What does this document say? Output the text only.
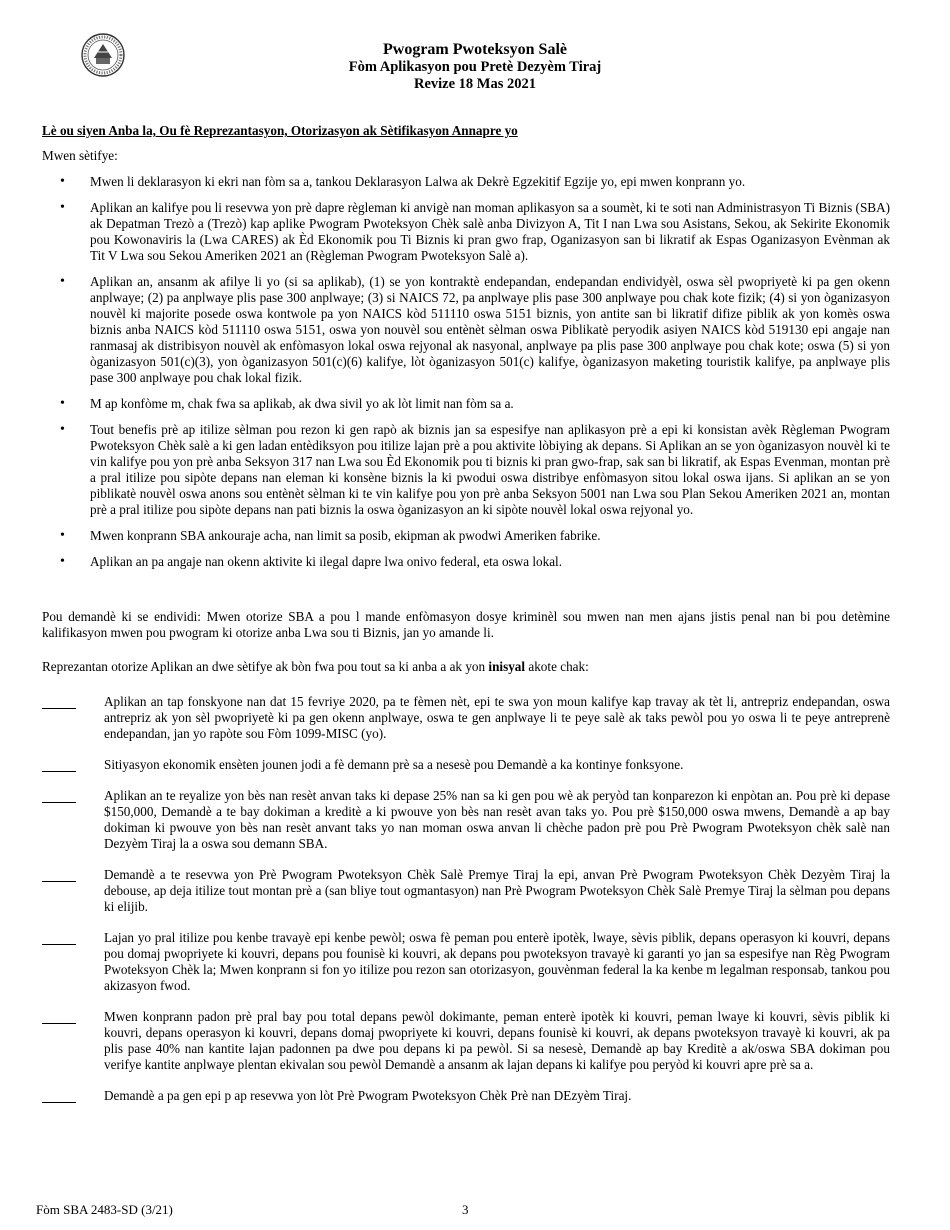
Pwogram Pwoteksyon Salè
Fòm Aplikasyon pou Pretè Dezyèm Tiraj
Revize 18 Mas 2021
Lè ou siyen Anba la, Ou fè Reprezantasyon, Otorizasyon ak Sètifikasyon Annapre yo
Mwen sètifye:
• Mwen li deklarasyon ki ekri nan fòm sa a, tankou Deklarasyon Lalwa ak Dekrè Egzekitif Egzije yo, epi mwen konprann yo.
• Aplikan an kalifye pou li resevwa yon prè dapre règleman ki anvigè nan moman aplikasyon sa a soumèt, ki te soti nan Administrasyon Ti Biznis (SBA) ak Depatman Trezò a (Trezò) kap aplike Pwogram Pwoteksyon Chèk salè anba Divizyon A, Tit I nan Lwa sou Asistans, Sekou, ak Sekirite Ekonomik pou Kowonaviris la (Lwa CARES) ak Èd Ekonomik pou Ti Biznis ki pran gwo frap, Oganizasyon san bi likratif ak Espas Oganizasyon Evènman ak Tit V Lwa sou Sekou Ameriken 2021 an (Règleman Pwogram Pwoteksyon Salè a).
• Aplikan an, ansanm ak afilye li yo (si sa aplikab), (1) se yon kontraktè endepandan, endepandan endividyèl, oswa sèl pwopriyetè ki pa gen okenn anplwaye; (2) pa anplwaye plis pase 300 anplwaye; (3) si NAICS 72, pa anplwaye plis pase 300 anplwaye pou chak kote fizik; (4) si yon òganizasyon nouvèl ki majorite posede oswa kontwole pa yon NAICS kòd 511110 oswa 5151 biznis, yon antite san bi likratif difize piblik ak yon komès oswa biznis anba NAICS kòd 511110 oswa 5151, oswa yon nouvèl sou entènèt sèlman oswa Piblikatè peryodik asiyen NAICS kòd 519130 epi angaje nan ranmasaj ak distribisyon nouvèl ak enfòmasyon lokal oswa rejyonal ak nasyonal, anplwaye pa plis pase 300 anplwaye pou chak kote; oswa (5) si yon òganizasyon 501(c)(3), yon òganizasyon 501(c)(6) kalifye, lòt òganizasyon 501(c) kalifye, òganizasyon maketing touristik kalifye, pa anplwaye plis pase 300 anplwaye pou chak lokal fizik.
• M ap konfòme m, chak fwa sa aplikab, ak dwa sivil yo ak lòt limit nan fòm sa a.
• Tout benefis prè ap itilize sèlman pou rezon ki gen rapò ak biznis jan sa espesifye nan aplikasyon prè a epi ki konsistan avèk Règleman Pwogram Pwoteksyon Chèk salè a ki gen ladan entèdiksyon pou itilize lajan prè a pou aktivite lòbiying ak depans. Si Aplikan an se yon òganizasyon nouvèl ki te vin kalifye pou yon prè anba Seksyon 317 nan Lwa sou Èd Ekonomik pou ti biznis ki pran gwo-frap, sak san bi likratif, ak Espas Evenman, montan prè a pral itilize pou sipòte depans nan eleman ki konsène biznis la ki pwodui oswa distribye enfòmasyon sitou lokal oswa ijans. Si aplikan an se yon piblikatè nouvèl oswa anons sou entènèt sèlman ki te vin kalifye pou yon prè anba Seksyon 5001 nan Lwa sou Plan Sekou Ameriken 2021 an, montan prè a pral itilize pou sipòte depans nan pati biznis la oswa òganizasyon an ki sipòte nouvèl lokal oswa rejyonal yo.
• Mwen konprann SBA ankouraje acha, nan limit sa posib, ekipman ak pwodwi Ameriken fabrike.
• Aplikan an pa angaje nan okenn aktivite ki ilegal dapre lwa onivo federal, eta oswa lokal.
Pou demandè ki se endividi: Mwen otorize SBA a pou l mande enfòmasyon dosye kriminèl sou mwen nan men ajans jistis penal nan bi pou detèmine kalifikasyon mwen pou pwogram ki otorize anba Lwa sou ti Biznis, jan yo amande li.
Reprezantan otorize Aplikan an dwe sètifye ak bòn fwa pou tout sa ki anba a ak yon inisyal akote chak:
Aplikan an tap fonskyone nan dat 15 fevriye 2020, pa te fèmen nèt, epi te swa yon moun kalifye kap travay ak tèt li, antrepriz endepandan, oswa antrepriz ak yon sèl pwopriyetè ki pa gen okenn anplwaye, oswa te gen anplwaye li te peye salè ak taks pewòl pou yo oswa li te peye antreprenè endepandan, jan yo rapòte sou Fòm 1099-MISC (yo).
Sitiyasyon ekonomik ensèten jounen jodi a fè demann prè sa a nesesè pou Demandè a ka kontinye fonksyone.
Aplikan an te reyalize yon bès nan resèt anvan taks ki depase 25% nan sa ki gen pou wè ak peryòd tan konparezon ki enpòtan an. Pou prè ki depase $150,000, Demandè a te bay dokiman a kreditè a ki pwouve yon bès nan resèt avan taks yo. Pou prè $150,000 oswa mwens, Demandè a ap bay dokiman ki pwouve yon bès nan resèt anvant taks yo nan moman oswa anvan li chèche padon prè pou Prè Pwogram Pwoteksyon chèk salè nan Dezyèm Tiraj la a oswa sou demann SBA.
Demandè a te resevwa yon Prè Pwogram Pwoteksyon Chèk Salè Premye Tiraj la epi, anvan Prè Pwogram Pwoteksyon Chèk Dezyèm Tiraj la debouse, ap deja itilize tout montan prè a (san bliye tout ogmantasyon) nan Prè Pwogram Pwoteksyon Chèk Salè Premye Tiraj la sèlman pou depans ki elijib.
Lajan yo pral itilize pou kenbe travayè epi kenbe pewòl; oswa fè peman pou enterè ipotèk, lwaye, sèvis piblik, depans operasyon ki kouvri, depans pou domaj pwopriyete ki kouvri, depans pou founisè ki kouvri, ak depans pou pwoteksyon travayè ki garanti yo jan sa espesifye nan Règ Pwogram Pwoteksyon Chèk la; Mwen konprann si fon yo itilize pou rezon san otorizasyon, gouvènman federal la ka kenbe m legalman responsab, tankou pou akizasyon fwod.
Mwen konprann padon prè pral bay pou total depans pewòl dokimante, peman enterè ipotèk ki kouvri, peman lwaye ki kouvri, sèvis piblik ki kouvri, depans operasyon ki kouvri, depans domaj pwopriyete ki kouvri, depans founisè ki kouvri, ak depans pwoteksyon travayè ki kouvri, ak pa plis pase 40% nan kantite lajan padonnen pa dwe pou depans ki pa pewòl. Si sa nesesè, Demandè ap bay Kreditè a ak/oswa SBA dokiman pou verifye kantite anplwaye plentan ekivalan sou pewòl Demandè a ansanm ak lajan depans ki kalifye pou peryòd ki kouvri apre prè sa a.
Demandè a pa gen epi p ap resevwa yon lòt Prè Pwogram Pwoteksyon Chèk Prè nan DEzyèm Tiraj.
Fòm SBA 2483-SD (3/21)	3
